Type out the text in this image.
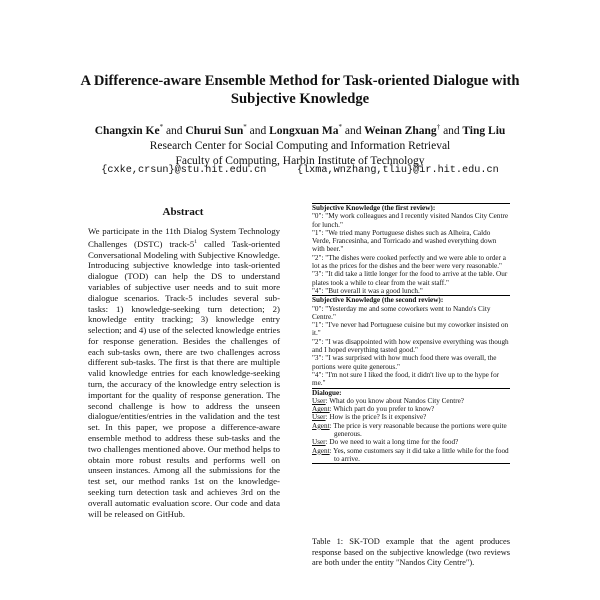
A Difference-aware Ensemble Method for Task-oriented Dialogue with
Subjective Knowledge
Changxin Ke* and Churui Sun* and Longxuan Ma* and Weinan Zhang† and Ting Liu
Research Center for Social Computing and Information Retrieval
Faculty of Computing, Harbin Institute of Technology
{cxke,crsun}@stu.hit.edu.cn	{lxma,wnzhang,tliu}@ir.hit.edu.cn
Abstract
We participate in the 11th Dialog System Technology Challenges (DSTC) track-$5^1$ called Task-oriented Conversational Modeling with Subjective Knowledge. Introducing subjective knowledge into task-oriented dialogue (TOD) can help the DS to understand variables of subjective user needs and to suit more dialogue scenarios. Track-5 includes several sub-tasks: 1) knowledge-seeking turn detection; 2) knowledge entity tracking; 3) knowledge entry selection; and 4) use of the selected knowledge entries for response generation. Besides the challenges of each sub-tasks own, there are two challenges across different sub-tasks. The first is that there are multiple valid knowledge entries for each knowledge-seeking turn, the accuracy of the knowledge entry selection is important for the quality of response generation. The second challenge is how to address the unseen dialogue/entities/entries in the validation and the test set. In this paper, we propose a difference-aware ensemble method to address these sub-tasks and the two challenges mentioned above. Our method helps to obtain more robust results and performs well on unseen instances. Among all the submissions for the test set, our method ranks 1st on the knowledge-seeking turn detection task and achieves 3rd on the overall automatic evaluation score. Our code and data will be released on GitHub.
Subjective Knowledge (the first review):
"0": "My work colleagues and I recently visited Nandos City Centre for lunch."
"1": "We tried many Portuguese dishes such as Alheira, Caldo Verde, Francesinha, and Torricado and washed everything down with beer."
"2": "The dishes were cooked perfectly and we were able to order a lot as the prices for the dishes and the beer were very reasonable."
"3": "It did take a little longer for the food to arrive at the table. Our plates took a while to clear from the wait staff."
"4": "But overall it was a good lunch."
Subjective Knowledge (the second review):
"0": "Yesterday me and some coworkers went to Nando's City Centre."
"1": "I've never had Portuguese cuisine but my coworker insisted on it."
"2": "I was disappointed with how expensive everything was though and I hoped everything tasted good."
"3": "I was surprised with how much food there was overall, the portions were quite generous."
"4": "I'm not sure I liked the food, it didn't live up to the hype for me."
Dialogue:
User: What do you know about Nandos City Centre?
Agent: Which part do you prefer to know?
User: How is the price? Is it expensive?
Agent: The price is very reasonable because the portions were quite generous.
User: Do we need to wait a long time for the food?
Agent: Yes, some customers say it did take a little while for the food to arrive.
Table 1: SK-TOD example that the agent produces response based on the subjective knowledge (two reviews are both under the entity "Nandos City Centre").
